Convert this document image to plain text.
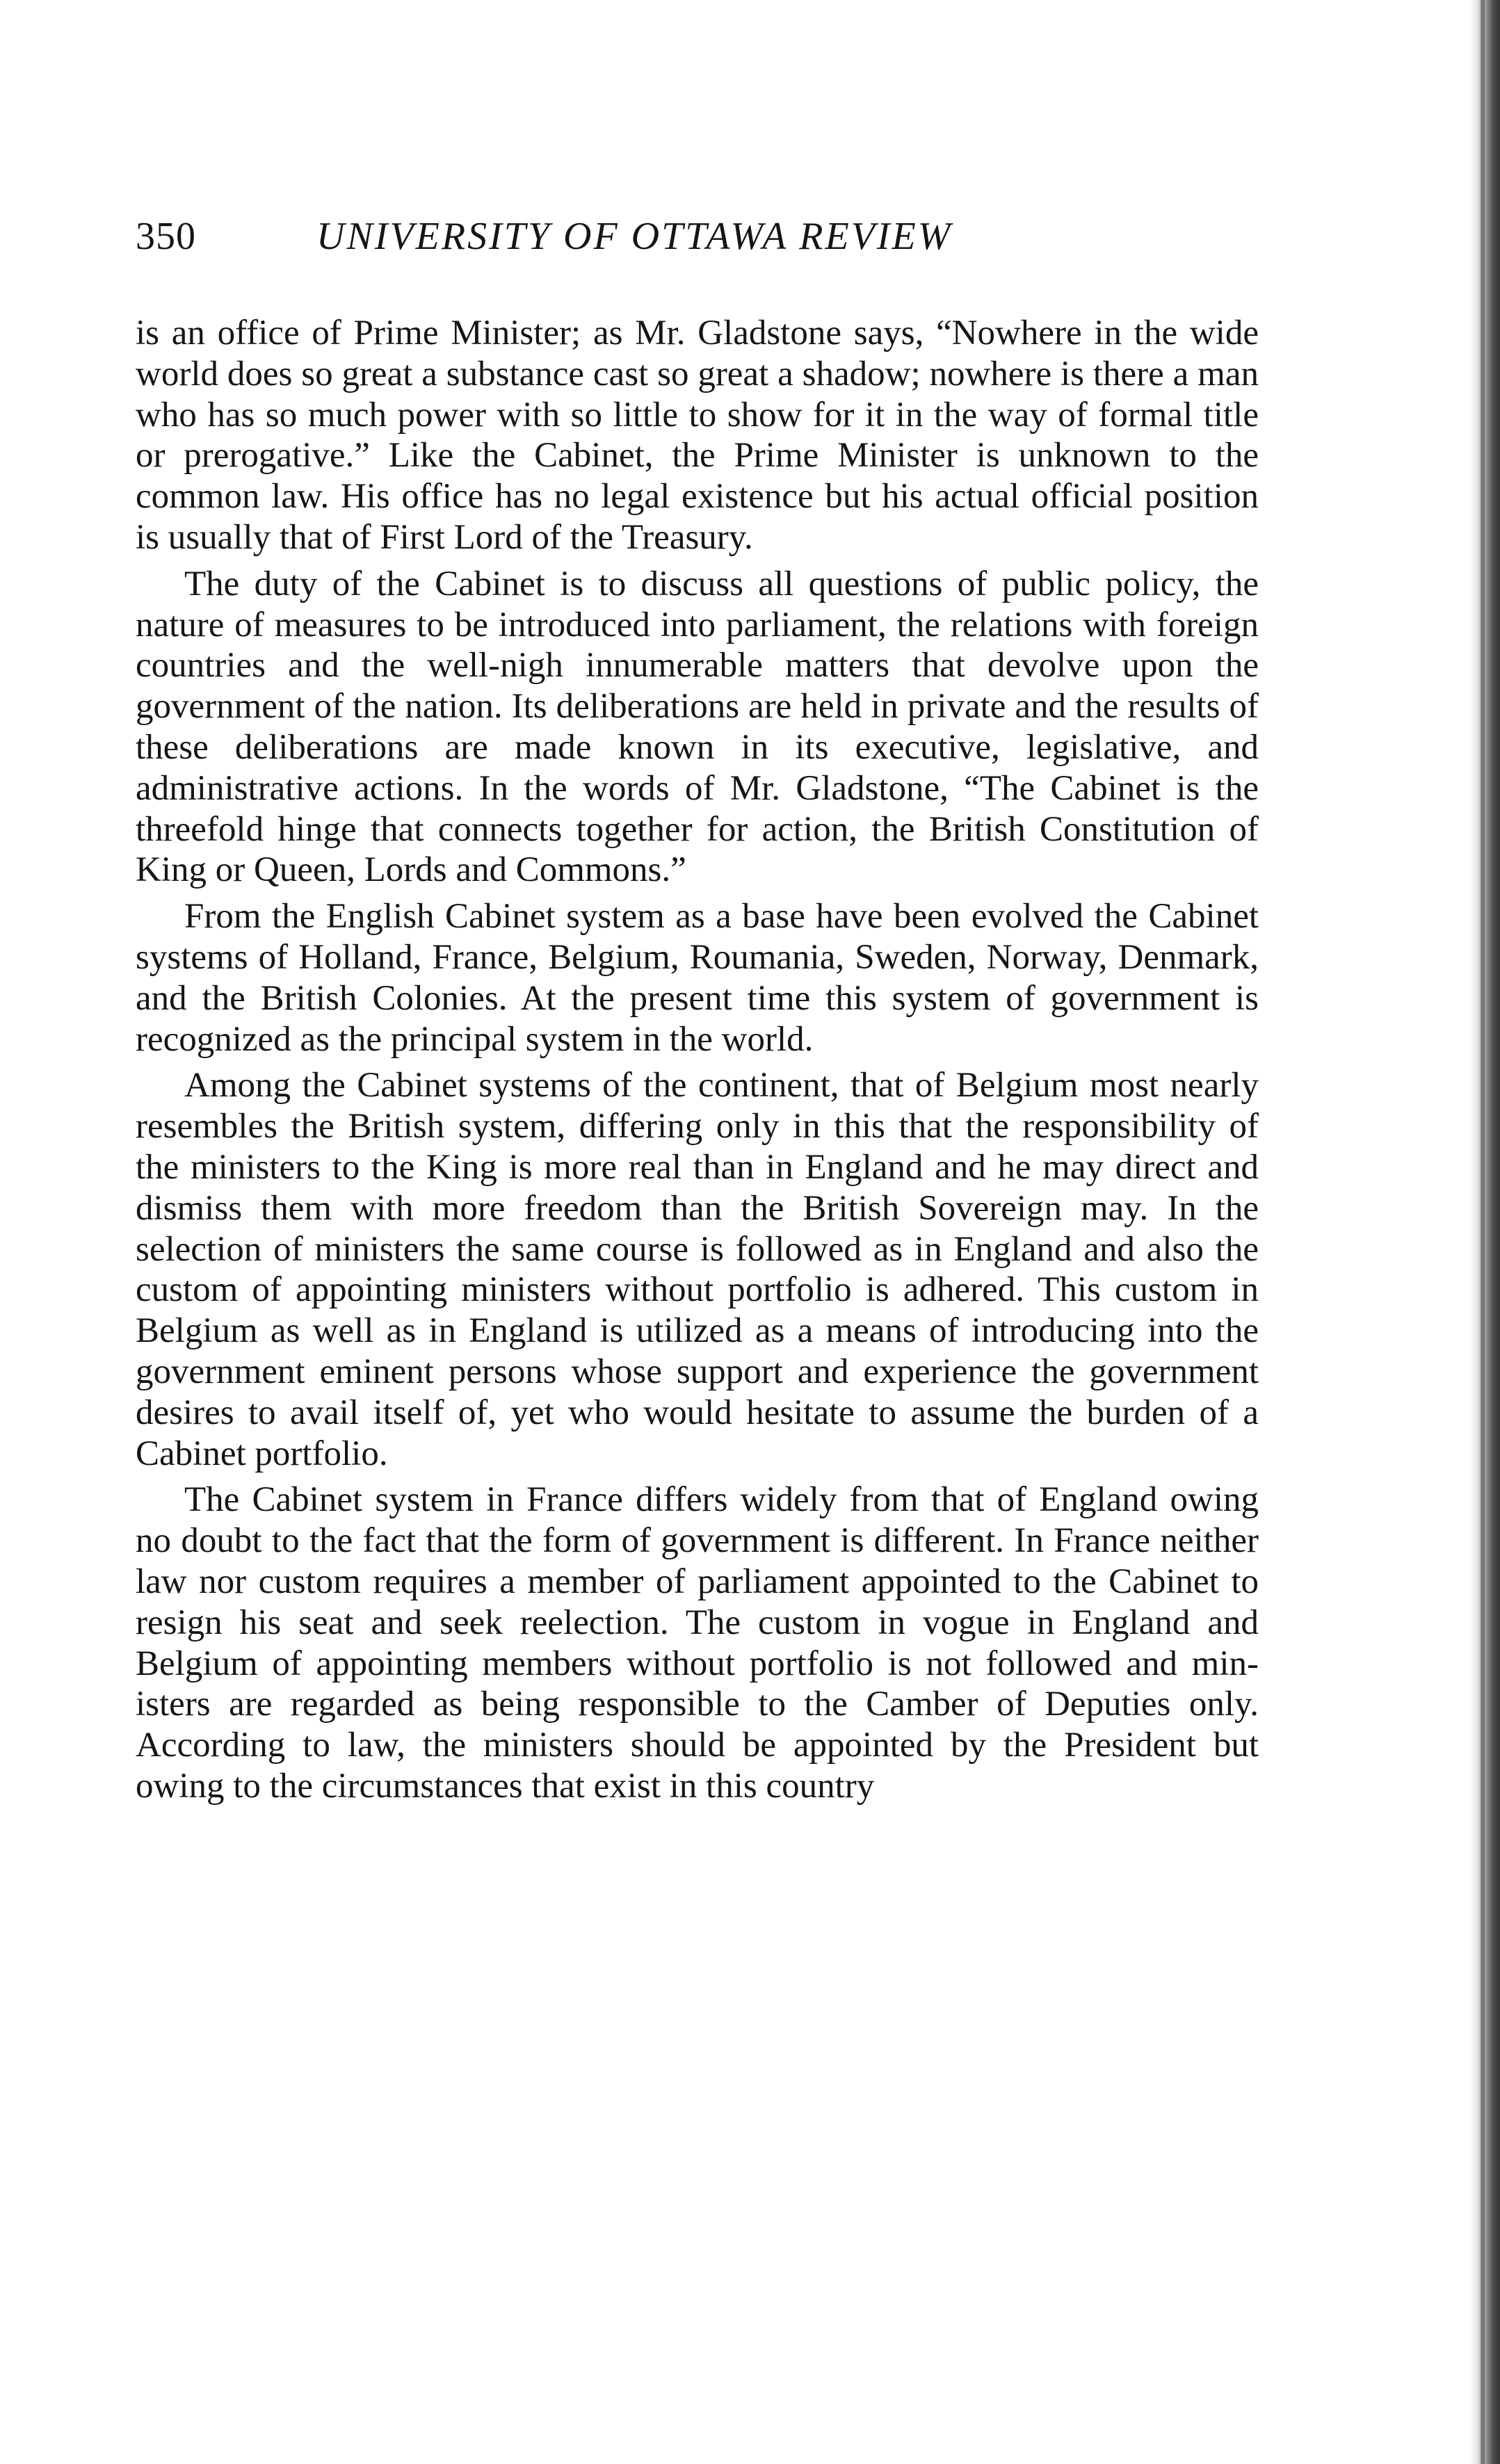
350	UNIVERSITY OF OTTAWA REVIEW

is an office of Prime Minister; as Mr. Gladstone says, “Nowhere in the wide world does so great a substance cast so great a shadow; nowhere is there a man who has so much power with so little to show for it in the way of formal title or prerogative.” Like the Cabinet, the Prime Minister is unknown to the common law. His office has no legal existence but his actual official position is usually that of First Lord of the Treasury.

The duty of the Cabinet is to discuss all questions of public policy, the nature of measures to be introduced into parliament, the relations with foreign countries and the well-nigh innumerable matters that devolve upon the government of the nation. Its deliberations are held in private and the results of these deliberations are made known in its executive, legislative, and administrative actions. In the words of Mr. Gladstone, “The Cabinet is the threefold hinge that connects together for action, the British Constitution of King or Queen, Lords and Commons.”

From the English Cabinet system as a base have been evolved the Cabinet systems of Holland, France, Belgium, Roumania, Sweden, Norway, Denmark, and the British Colonies. At the present time this system of government is recognized as the principal system in the world.

Among the Cabinet systems of the continent, that of Belgium most nearly resembles the British system, differing only in this that the responsibility of the ministers to the King is more real than in England and he may direct and dismiss them with more freedom than the British Sovereign may. In the selection of ministers the same course is followed as in England and also the custom of appointing ministers without portfolio is adhered. This custom in Belgium as well as in England is utilized as a means of introducing into the government eminent persons whose support and experience the government desires to avail itself of, yet who would hesitate to assume the burden of a Cabinet portfolio.

The Cabinet system in France differs widely from that of England owing no doubt to the fact that the form of government is different. In France neither law nor custom requires a member of parliament appointed to the Cabinet to resign his seat and seek reelection. The custom in vogue in England and Belgium of appointing members without portfolio is not followed and ministers are regarded as being responsible to the Camber of Deputies only. According to law, the ministers should be appointed by the President but owing to the circumstances that exist in this country
